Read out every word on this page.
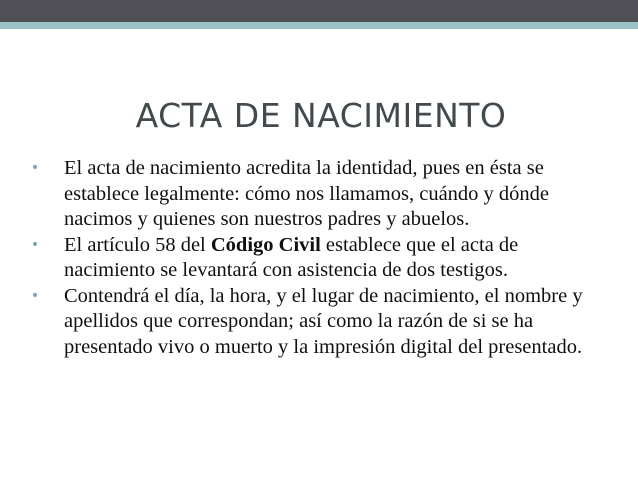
ACTA DE NACIMIENTO
• El acta de nacimiento acredita la identidad, pues en ésta se establece legalmente: cómo nos llamamos, cuándo y dónde nacimos y quienes son nuestros padres y abuelos.
• El artículo 58 del Código Civil establece que el acta de nacimiento se levantará con asistencia de dos testigos.
• Contendrá el día, la hora, y el lugar de nacimiento, el nombre y apellidos que correspondan; así como la razón de si se ha presentado vivo o muerto y la impresión digital del presentado.
